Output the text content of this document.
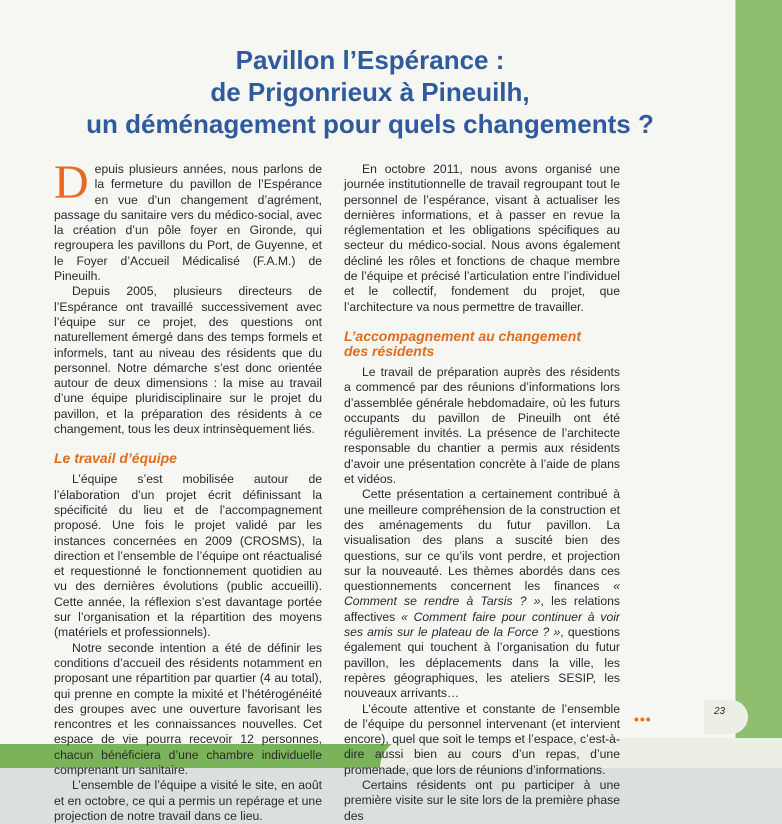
•••	23
Pavillon l’Espérance :
de Prigonrieux à Pineuilh,
un déménagement pour quels changements ?

Depuis plusieurs années, nous parlons de la fermeture du pavillon de l’Espérance en vue d’un changement d’agrément, passage du sanitaire vers du médico-social, avec la création d’un pôle foyer en Gironde, qui regroupera les pavillons du Port, de Guyenne, et le Foyer d’Accueil Médicalisé (F.A.M.) de Pineuilh.

Depuis 2005, plusieurs directeurs de l’Espérance ont travaillé successivement avec l’équipe sur ce projet, des questions ont naturellement émergé dans des temps formels et informels, tant au niveau des résidents que du personnel. Notre démarche s’est donc orientée autour de deux dimensions : la mise au travail d’une équipe pluridisciplinaire sur le projet du pavillon, et la préparation des résidents à ce changement, tous les deux intrinsèquement liés.

Le travail d’équipe

L’équipe s’est mobilisée autour de l’élaboration d’un projet écrit définissant la spécificité du lieu et de l’accompagnement proposé. Une fois le projet validé par les instances concernées en 2009 (CROSMS), la direction et l’ensemble de l’équipe ont réactualisé et requestionné le fonctionnement quotidien au vu des dernières évolutions (public accueilli). Cette année, la réflexion s’est davantage portée sur l’organisation et la répartition des moyens (matériels et professionnels).

Notre seconde intention a été de définir les conditions d’accueil des résidents notamment en proposant une répartition par quartier (4 au total), qui prenne en compte la mixité et l’hétérogénéité des groupes avec une ouverture favorisant les rencontres et les connaissances nouvelles. Cet espace de vie pourra recevoir 12 personnes, chacun bénéficiera d’une chambre individuelle comprenant un sanitaire.

L’ensemble de l’équipe a visité le site, en août et en octobre, ce qui a permis un repérage et une projection de notre travail dans ce lieu.

En octobre 2011, nous avons organisé une journée institutionnelle de travail regroupant tout le personnel de l’espérance, visant à actualiser les dernières informations, et à passer en revue la réglementation et les obligations spécifiques au secteur du médico-social. Nous avons également décliné les rôles et fonctions de chaque membre de l’équipe et précisé l’articulation entre l’individuel et le collectif, fondement du projet, que l’architecture va nous permettre de travailler.

L’accompagnement au changement
des résidents

Le travail de préparation auprès des résidents a commencé par des réunions d’informations lors d’assemblée générale hebdomadaire, où les futurs occupants du pavillon de Pineuilh ont été régulièrement invités. La présence de l’architecte responsable du chantier a permis aux résidents d’avoir une présentation concrète à l’aide de plans et vidéos.

Cette présentation a certainement contribué à une meilleure compréhension de la construction et des aménagements du futur pavillon. La visualisation des plans a suscité bien des questions, sur ce qu’ils vont perdre, et projection sur la nouveauté. Les thèmes abordés dans ces questionnements concernent les finances « Comment se rendre à Tarsis ? », les relations affectives « Comment faire pour continuer à voir ses amis sur le plateau de la Force ? », questions également qui touchent à l’organisation du futur pavillon, les déplacements dans la ville, les repères géographiques, les ateliers SESIP, les nouveaux arrivants…

L’écoute attentive et constante de l’ensemble de l’équipe du personnel intervenant (et intervient encore), quel que soit le temps et l’espace, c’est-à-dire aussi bien au cours d’un repas, d’une promenade, que lors de réunions d’informations.

Certains résidents ont pu participer à une première visite sur le site lors de la première phase des
